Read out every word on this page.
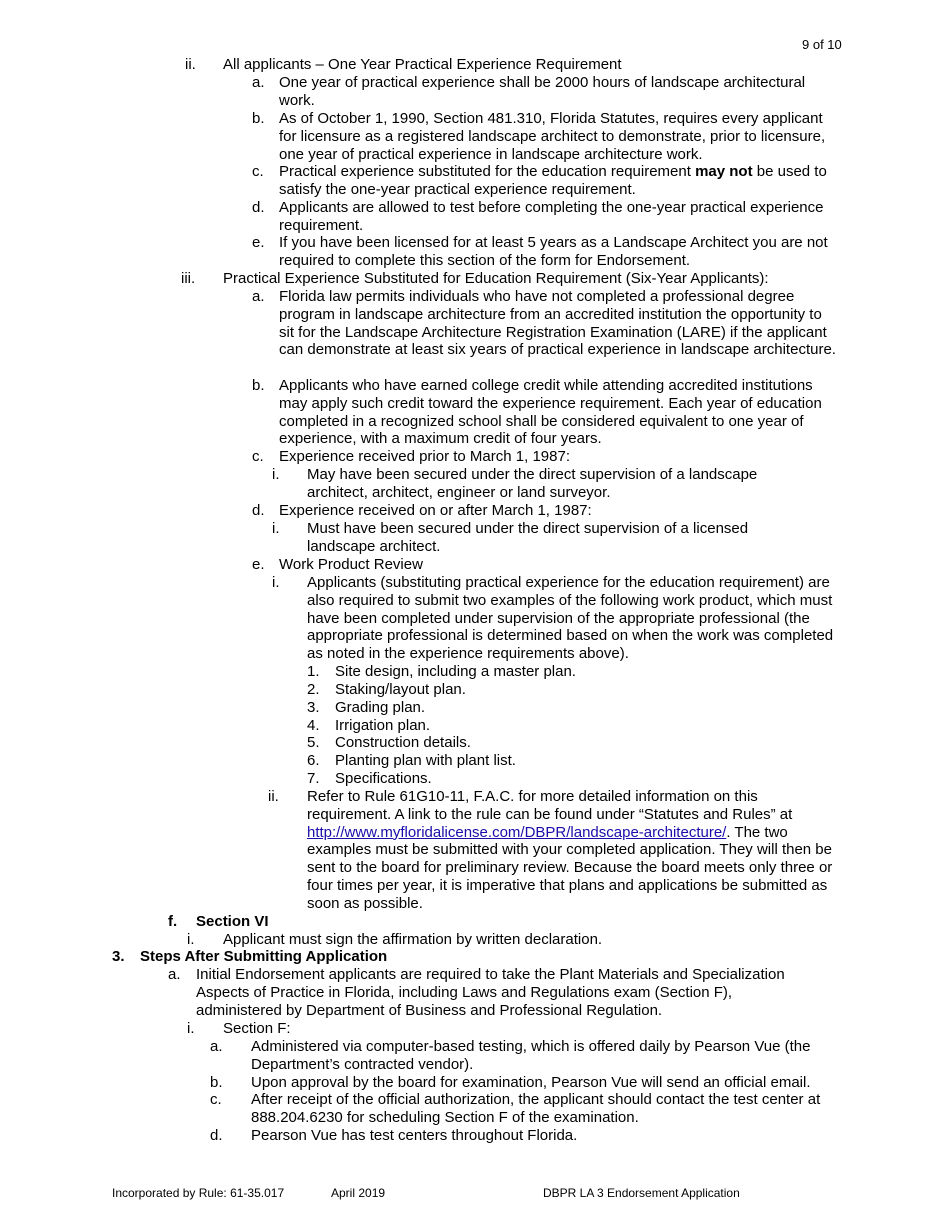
9 of 10
ii. All applicants – One Year Practical Experience Requirement
a. One year of practical experience shall be 2000 hours of landscape architectural work.
b. As of October 1, 1990, Section 481.310, Florida Statutes, requires every applicant for licensure as a registered landscape architect to demonstrate, prior to licensure, one year of practical experience in landscape architecture work.
c. Practical experience substituted for the education requirement may not be used to satisfy the one-year practical experience requirement.
d. Applicants are allowed to test before completing the one-year practical experience requirement.
e. If you have been licensed for at least 5 years as a Landscape Architect you are not required to complete this section of the form for Endorsement.
iii. Practical Experience Substituted for Education Requirement (Six-Year Applicants):
a. Florida law permits individuals who have not completed a professional degree program in landscape architecture from an accredited institution the opportunity to sit for the Landscape Architecture Registration Examination (LARE) if the applicant can demonstrate at least six years of practical experience in landscape architecture.
b. Applicants who have earned college credit while attending accredited institutions may apply such credit toward the experience requirement. Each year of education completed in a recognized school shall be considered equivalent to one year of experience, with a maximum credit of four years.
c. Experience received prior to March 1, 1987:
i. May have been secured under the direct supervision of a landscape architect, architect, engineer or land surveyor.
d. Experience received on or after March 1, 1987:
i. Must have been secured under the direct supervision of a licensed landscape architect.
e. Work Product Review
i. Applicants (substituting practical experience for the education requirement) are also required to submit two examples of the following work product, which must have been completed under supervision of the appropriate professional (the appropriate professional is determined based on when the work was completed as noted in the experience requirements above).
1. Site design, including a master plan.
2. Staking/layout plan.
3. Grading plan.
4. Irrigation plan.
5. Construction details.
6. Planting plan with plant list.
7. Specifications.
ii. Refer to Rule 61G10-11, F.A.C. for more detailed information on this requirement. A link to the rule can be found under “Statutes and Rules” at http://www.myfloridalicense.com/DBPR/landscape-architecture/. The two examples must be submitted with your completed application. They will then be sent to the board for preliminary review. Because the board meets only three or four times per year, it is imperative that plans and applications be submitted as soon as possible.
f. Section VI
i. Applicant must sign the affirmation by written declaration.
3. Steps After Submitting Application
a. Initial Endorsement applicants are required to take the Plant Materials and Specialization Aspects of Practice in Florida, including Laws and Regulations exam (Section F), administered by Department of Business and Professional Regulation.
i. Section F:
a. Administered via computer-based testing, which is offered daily by Pearson Vue (the Department’s contracted vendor).
b. Upon approval by the board for examination, Pearson Vue will send an official email.
c. After receipt of the official authorization, the applicant should contact the test center at 888.204.6230 for scheduling Section F of the examination.
d. Pearson Vue has test centers throughout Florida.
Incorporated by Rule: 61-35.017	April 2019	DBPR LA 3 Endorsement Application
